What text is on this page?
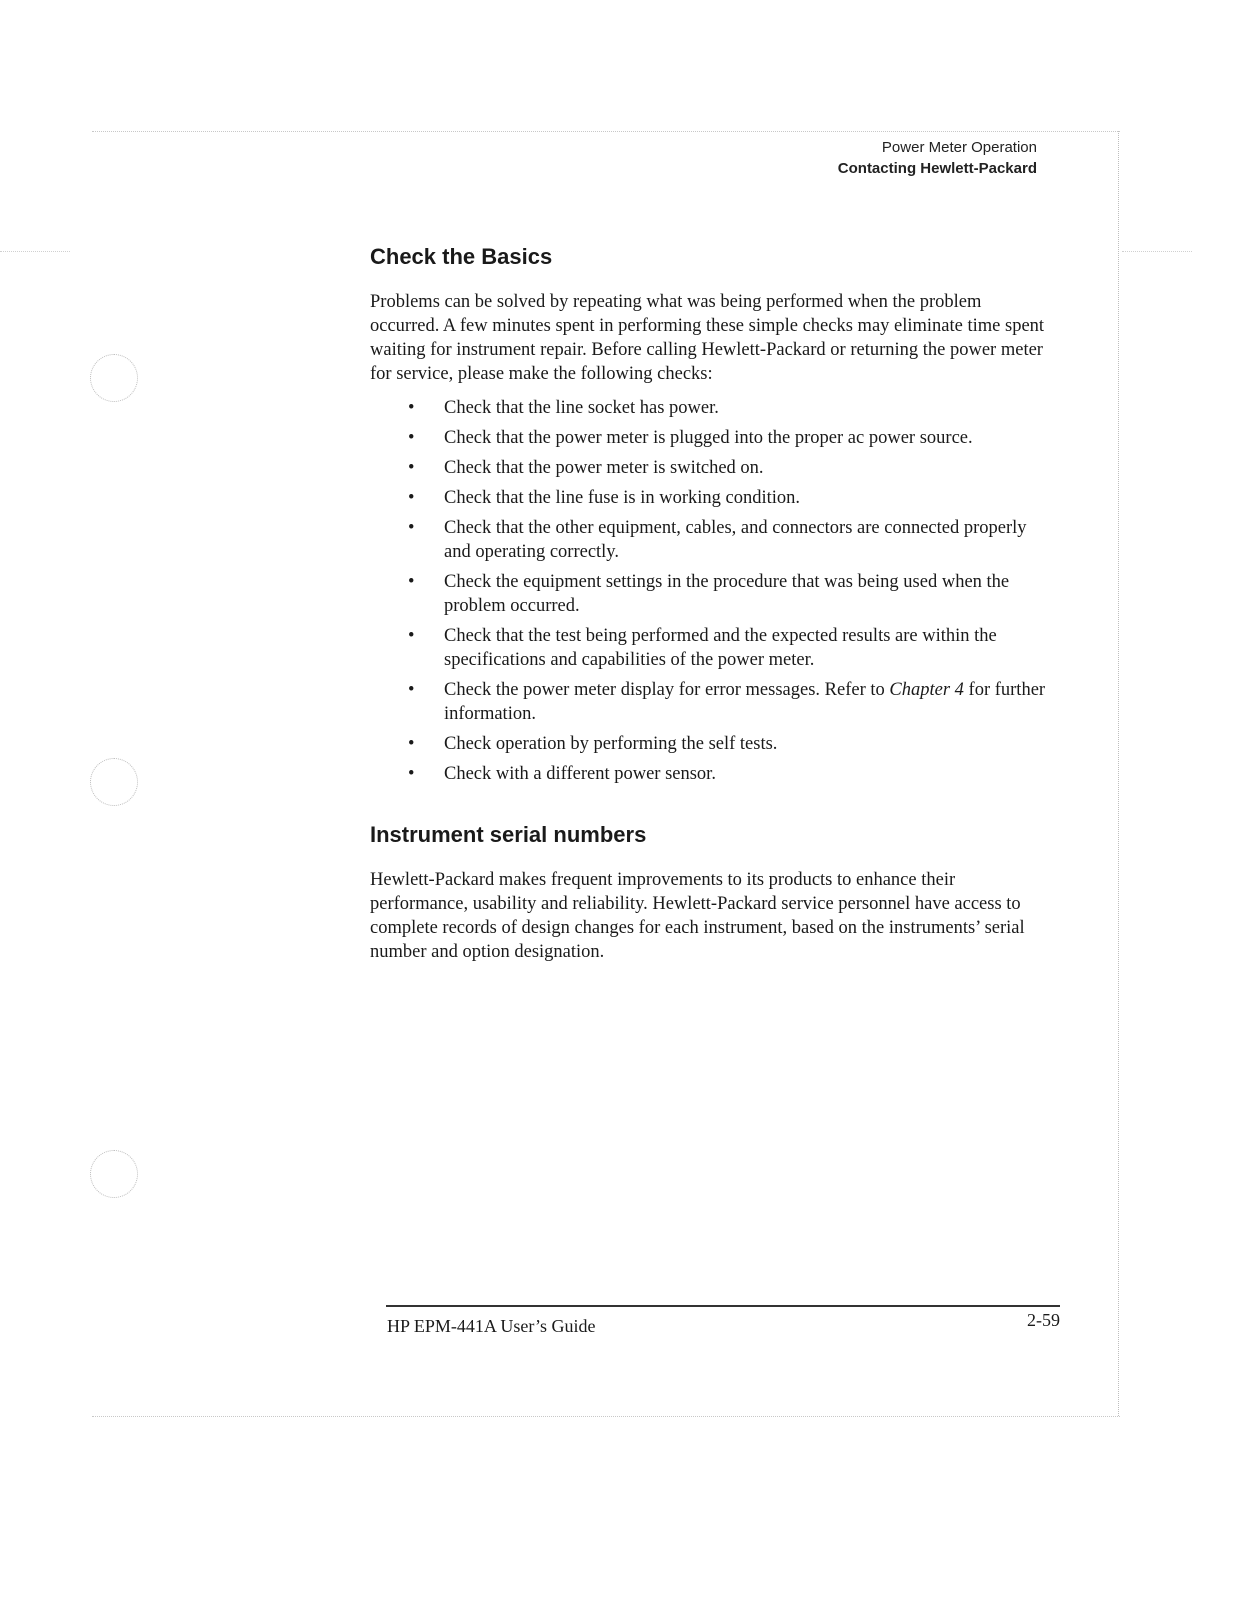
Power Meter Operation
Contacting Hewlett-Packard
Check the Basics

Problems can be solved by repeating what was being performed when the problem occurred. A few minutes spent in performing these simple checks may eliminate time spent waiting for instrument repair. Before calling Hewlett-Packard or returning the power meter for service, please make the following checks:

• Check that the line socket has power.
• Check that the power meter is plugged into the proper ac power source.
• Check that the power meter is switched on.
• Check that the line fuse is in working condition.
• Check that the other equipment, cables, and connectors are connected properly and operating correctly.
• Check the equipment settings in the procedure that was being used when the problem occurred.
• Check that the test being performed and the expected results are within the specifications and capabilities of the power meter.
• Check the power meter display for error messages. Refer to Chapter 4 for further information.
• Check operation by performing the self tests.
• Check with a different power sensor.
Instrument serial numbers

Hewlett-Packard makes frequent improvements to its products to enhance their performance, usability and reliability. Hewlett-Packard service personnel have access to complete records of design changes for each instrument, based on the instruments’ serial number and option designation.

HP EPM-441A User’s Guide	2-59
